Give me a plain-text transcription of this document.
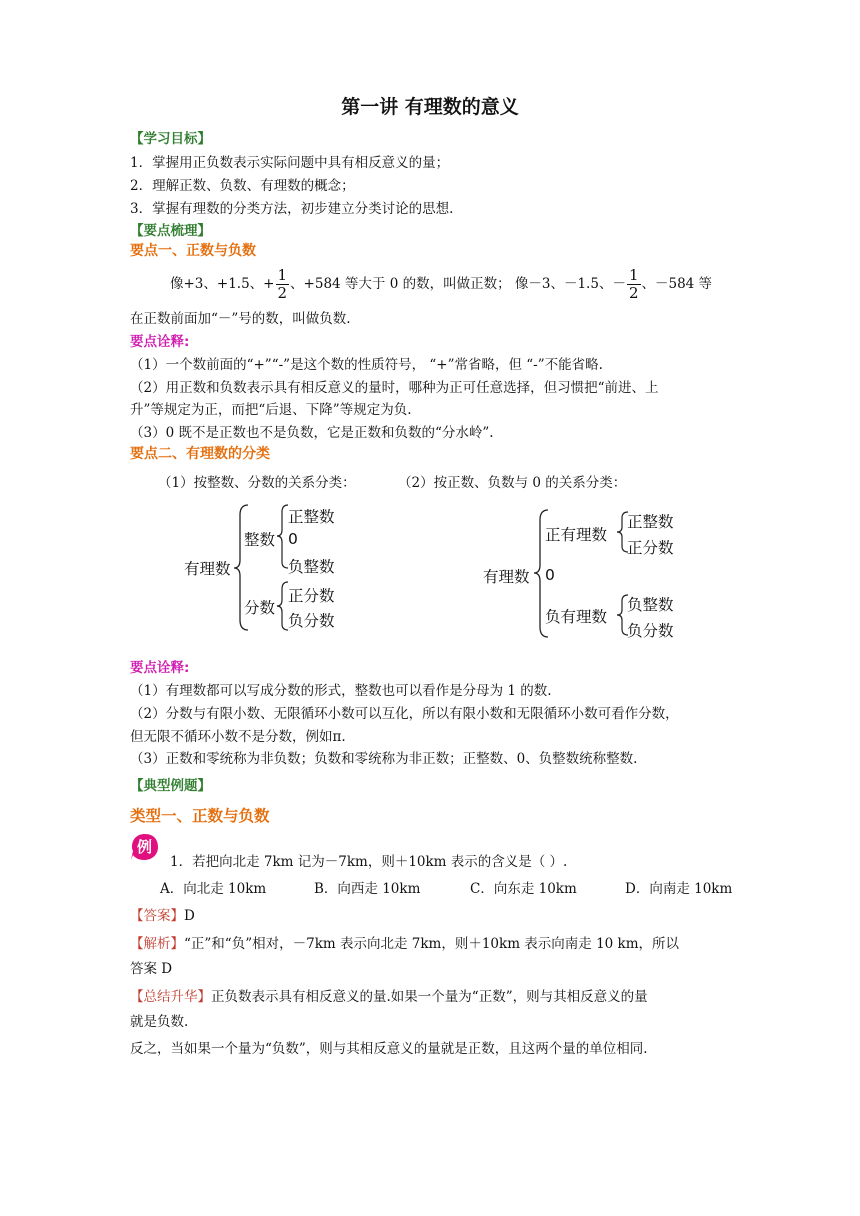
第一讲 有理数的意义
【学习目标】
1．掌握用正负数表示实际问题中具有相反意义的量；
2．理解正数、负数、有理数的概念；
3．掌握有理数的分类方法，初步建立分类讨论的思想.
【要点梳理】
要点一、正数与负数
像+3、+1.5、+ $\frac{1}{2}$ 、+584 等大于 0 的数，叫做正数； 像－3、－1.5、－ $\frac{1}{2}$ 、－584 等
在正数前面加“－”号的数，叫做负数.
要点诠释:
（1）一个数前面的“+”“-”是这个数的性质符号， “+”常省略，但 “-”不能省略.
（2）用正数和负数表示具有相反意义的量时，哪种为正可任意选择，但习惯把“前进、上
升”等规定为正，而把“后退、下降”等规定为负.
（3）0 既不是正数也不是负数，它是正数和负数的“分水岭”.
要点二、有理数的分类
（1）按整数、分数的关系分类：	（2）按正数、负数与 0 的关系分类：
有理数
整数
正整数
0
负整数
分数
正分数
负分数
有理数
正有理数
正整数
正分数
0
负有理数
负整数
负分数
要点诠释:
（1）有理数都可以写成分数的形式，整数也可以看作是分母为 1 的数.
（2）分数与有限小数、无限循环小数可以互化，所以有限小数和无限循环小数可看作分数，
但无限不循环小数不是分数，例如π.
（3）正数和零统称为非负数；负数和零统称为非正数；正整数、0、负整数统称整数.
【典型例题】
类型一、正数与负数
例
1．若把向北走 7km 记为－7km，则＋10km 表示的含义是（ ）.
A．向北走 10km	B．向西走 10km	C．向东走 10km	D．向南走 10km
【答案】D
【解析】“正”和“负”相对，－7km 表示向北走 7km，则＋10km 表示向南走 10 km，所以
答案 D
【总结升华】正负数表示具有相反意义的量.如果一个量为“正数”，则与其相反意义的量
就是负数.
反之，当如果一个量为“负数”，则与其相反意义的量就是正数，且这两个量的单位相同.
